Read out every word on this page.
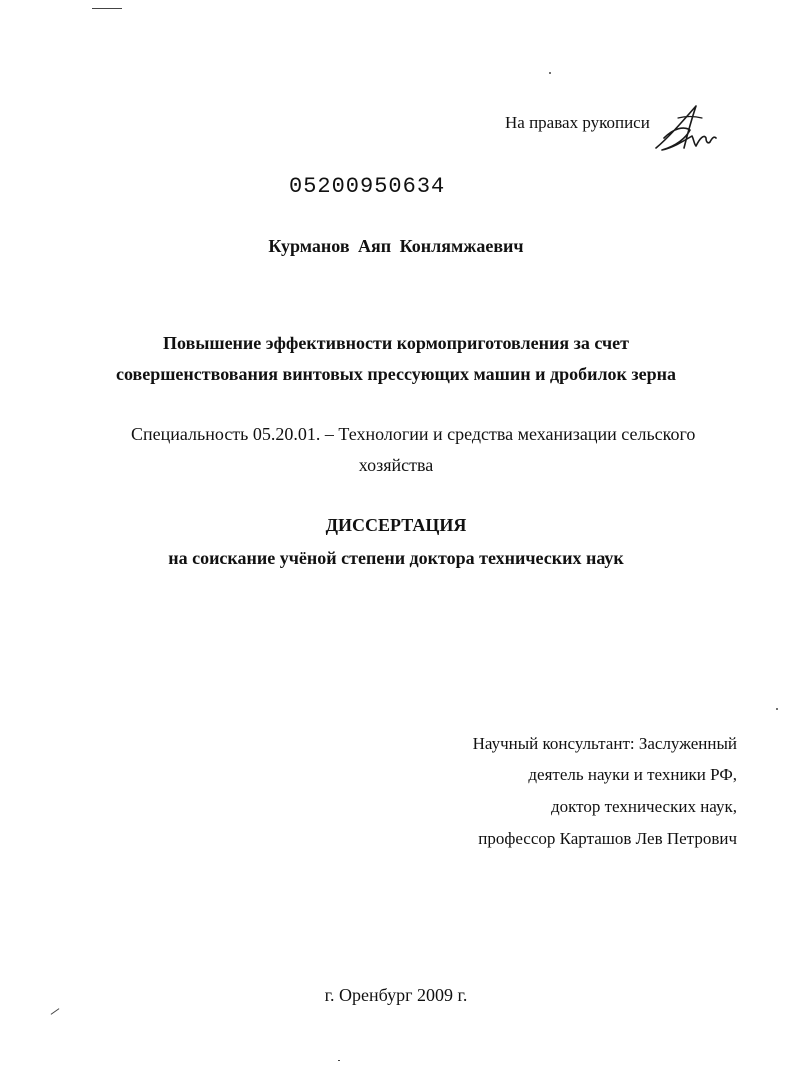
На правах рукописи
05200950634
Курманов Аяп Конлямжаевич
Повышение эффективности кормоприготовления за счет
совершенствования винтовых прессующих машин и дробилок зерна
Специальность 05.20.01. – Технологии и средства механизации сельского
хозяйства
ДИССЕРТАЦИЯ
на соискание учёной степени доктора технических наук
Научный консультант: Заслуженный
деятель науки и техники РФ,
доктор технических наук,
профессор Карташов Лев Петрович
г. Оренбург 2009 г.
